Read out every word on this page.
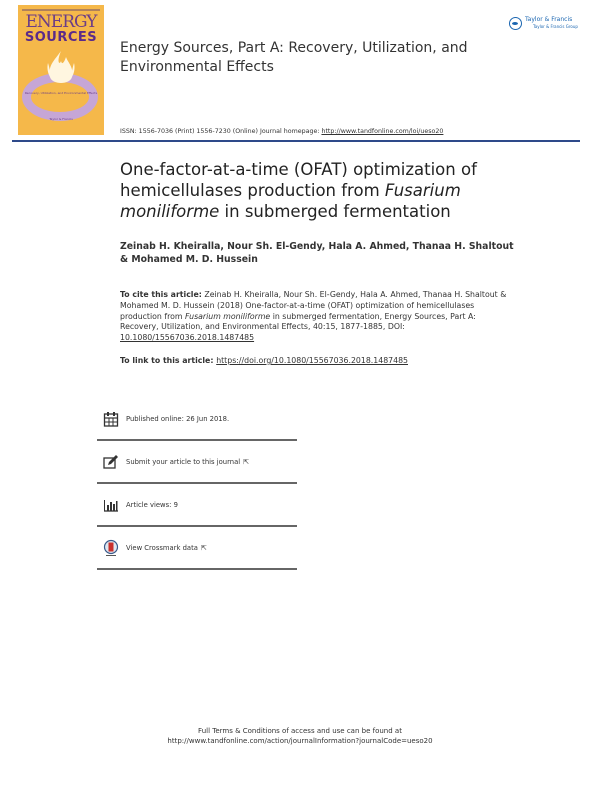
ENERGY
SOURCES
Recovery, Utilization, and Environmental Effects
Taylor & Francis
Taylor & Francis
Taylor & Francis Group
Energy Sources, Part A: Recovery, Utilization, and Environmental Effects
ISSN: 1556-7036 (Print) 1556-7230 (Online) Journal homepage: http://www.tandfonline.com/loi/ueso20
One-factor-at-a-time (OFAT) optimization of hemicellulases production from Fusarium moniliforme in submerged fermentation
Zeinab H. Kheiralla, Nour Sh. El-Gendy, Hala A. Ahmed, Thanaa H. Shaltout & Mohamed M. D. Hussein
To cite this article: Zeinab H. Kheiralla, Nour Sh. El-Gendy, Hala A. Ahmed, Thanaa H. Shaltout & Mohamed M. D. Hussein (2018) One-factor-at-a-time (OFAT) optimization of hemicellulases production from Fusarium moniliforme in submerged fermentation, Energy Sources, Part A: Recovery, Utilization, and Environmental Effects, 40:15, 1877-1885, DOI: 10.1080/15567036.2018.1487485
To link to this article: https://doi.org/10.1080/15567036.2018.1487485
Published online: 26 Jun 2018.
Submit your article to this journal ⇱
Article views: 9
View Crossmark data ⇱
Full Terms & Conditions of access and use can be found at
http://www.tandfonline.com/action/journalInformation?journalCode=ueso20
